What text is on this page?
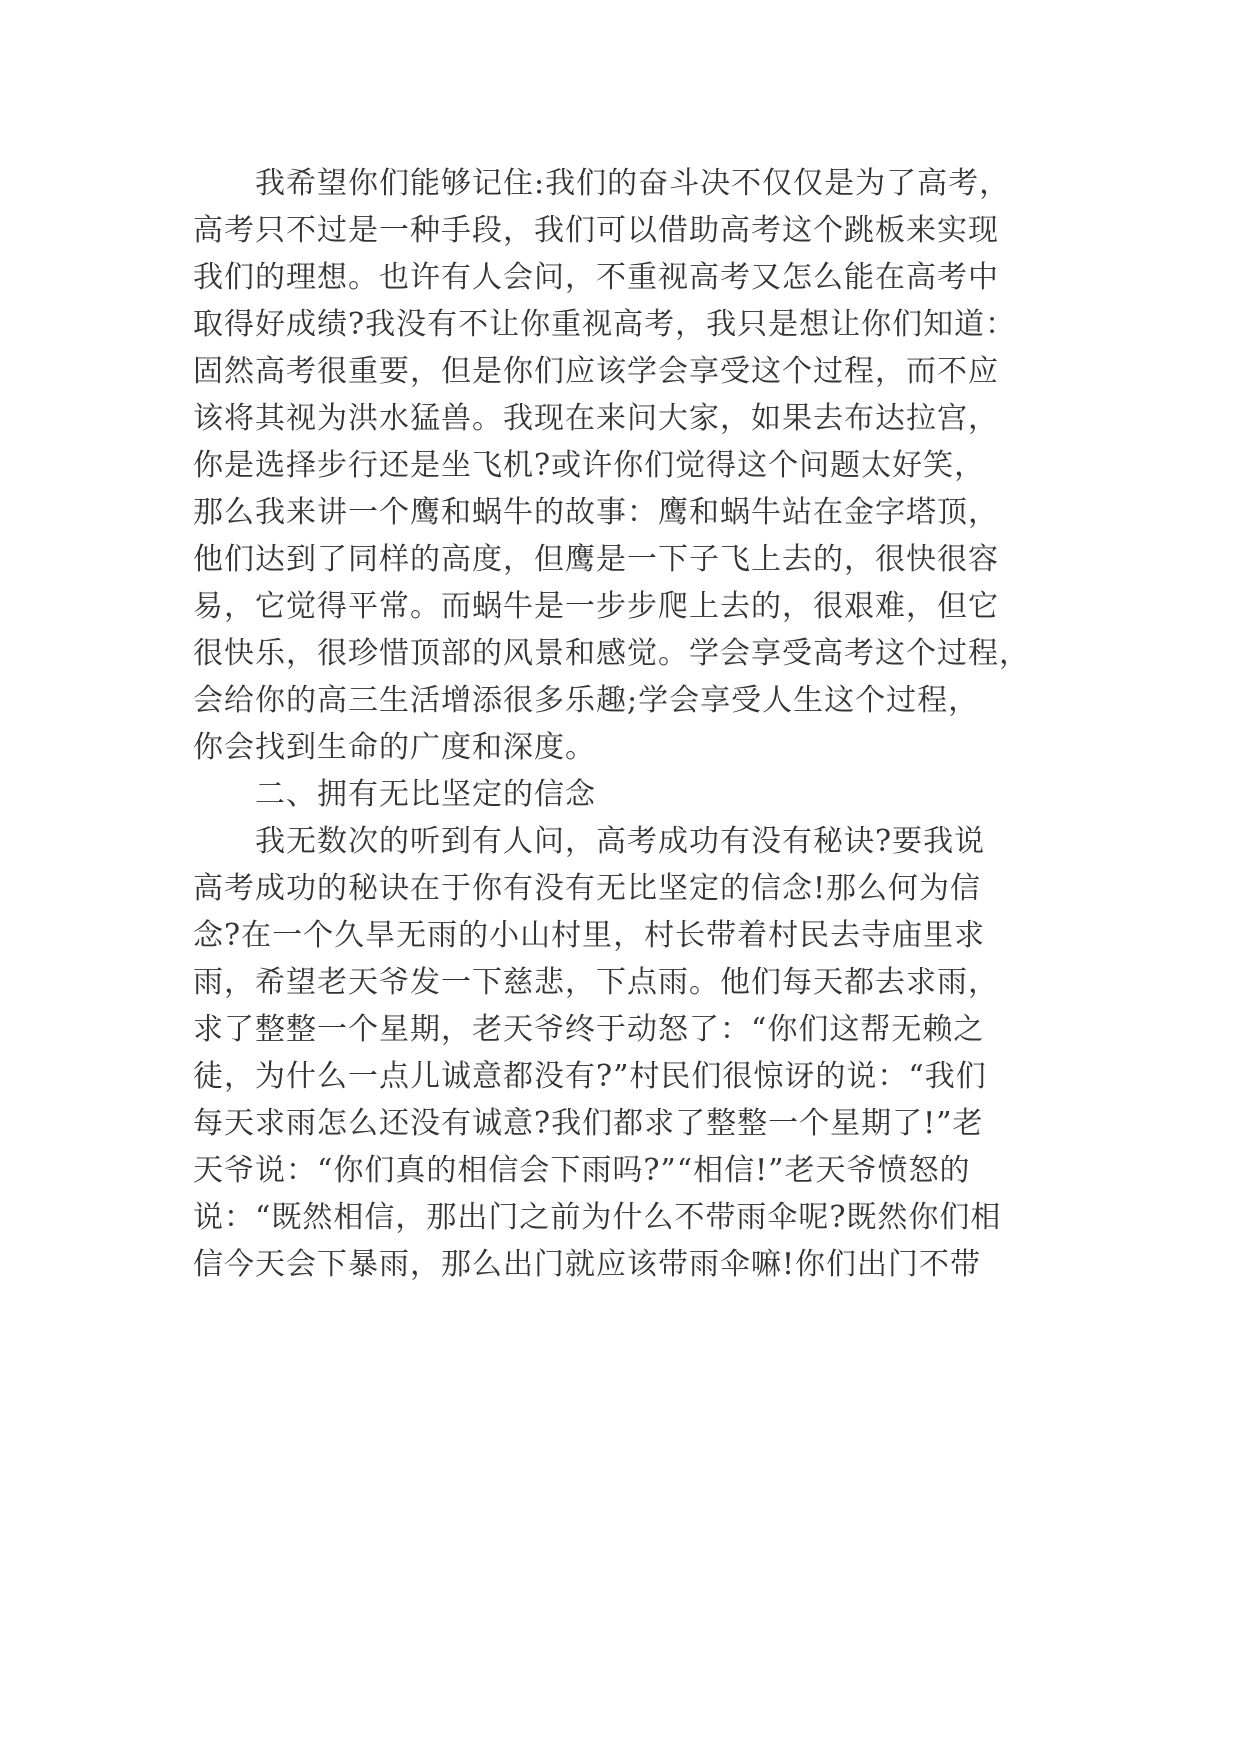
我希望你们能够记住:我们的奋斗决不仅仅是为了高考，
高考只不过是一种手段，我们可以借助高考这个跳板来实现
我们的理想。也许有人会问，不重视高考又怎么能在高考中
取得好成绩?我没有不让你重视高考，我只是想让你们知道：
固然高考很重要，但是你们应该学会享受这个过程，而不应
该将其视为洪水猛兽。我现在来问大家，如果去布达拉宫，
你是选择步行还是坐飞机?或许你们觉得这个问题太好笑，
那么我来讲一个鹰和蜗牛的故事：鹰和蜗牛站在金字塔顶，
他们达到了同样的高度，但鹰是一下子飞上去的，很快很容
易，它觉得平常。而蜗牛是一步步爬上去的，很艰难，但它
很快乐，很珍惜顶部的风景和感觉。学会享受高考这个过程，
会给你的高三生活增添很多乐趣;学会享受人生这个过程，
你会找到生命的广度和深度。
二、拥有无比坚定的信念
我无数次的听到有人问，高考成功有没有秘诀?要我说
高考成功的秘诀在于你有没有无比坚定的信念!那么何为信
念?在一个久旱无雨的小山村里，村长带着村民去寺庙里求
雨，希望老天爷发一下慈悲，下点雨。他们每天都去求雨，
求了整整一个星期，老天爷终于动怒了：“你们这帮无赖之
徒，为什么一点儿诚意都没有?”村民们很惊讶的说：“我们
每天求雨怎么还没有诚意?我们都求了整整一个星期了!”老
天爷说：“你们真的相信会下雨吗?”“相信!”老天爷愤怒的
说：“既然相信，那出门之前为什么不带雨伞呢?既然你们相
信今天会下暴雨，那么出门就应该带雨伞嘛!你们出门不带
